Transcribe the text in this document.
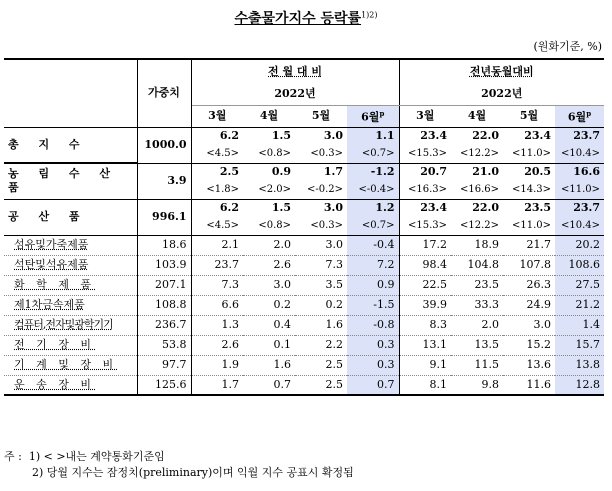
수출물가지수 등락률$^{1)2)}$
(원화기준, %)
	가중치	전 월 대 비				전년동월대비			
		2022년				2022년			
		3월	4월	5월	6월$^p$	3월	4월	5월	6월$^p$
총 지 수	1000.0	6.2	1.5	3.0	1.1	23.4	22.0	23.4	23.7
		<4.5>	<0.8>	<0.3>	<0.7>	<15.3>	<12.2>	<11.0>	<10.4>
농 림 수 산 품	3.9	2.5	0.9	1.7	-1.2	20.7	21.0	20.5	16.6
		<1.8>	<2.0>	<-0.2>	<-0.4>	<16.3>	<16.6>	<14.3>	<11.0>
공 산 품	996.1	6.2	1.5	3.0	1.2	23.4	22.0	23.5	23.7
		<4.5>	<0.8>	<0.3>	<0.7>	<15.3>	<12.2>	<11.0>	<10.4>
섬유및가죽제품	18.6	2.1	2.0	3.0	-0.4	17.2	18.9	21.7	20.2
석탄및석유제품	103.9	23.7	2.6	7.3	7.2	98.4	104.8	107.8	108.6
화 학 제 품	207.1	7.3	3.0	3.5	0.9	22.5	23.5	26.3	27.5
제1차금속제품	108.8	6.6	0.2	0.2	-1.5	39.9	33.3	24.9	21.2
컴퓨터,전자및광학기기	236.7	1.3	0.4	1.6	-0.8	8.3	2.0	3.0	1.4
전 기 장 비	53.8	2.6	0.1	2.2	0.3	13.1	13.5	15.2	15.7
기 계 및 장 비	97.7	1.9	1.6	2.5	0.3	9.1	11.5	13.6	13.8
운 송 장 비	125.6	1.7	0.7	2.5	0.7	8.1	9.8	11.6	12.8
주 : 1) < >내는 계약통화기준임
2) 당월 지수는 잠정치(preliminary)이며 익월 지수 공표시 확정됨
